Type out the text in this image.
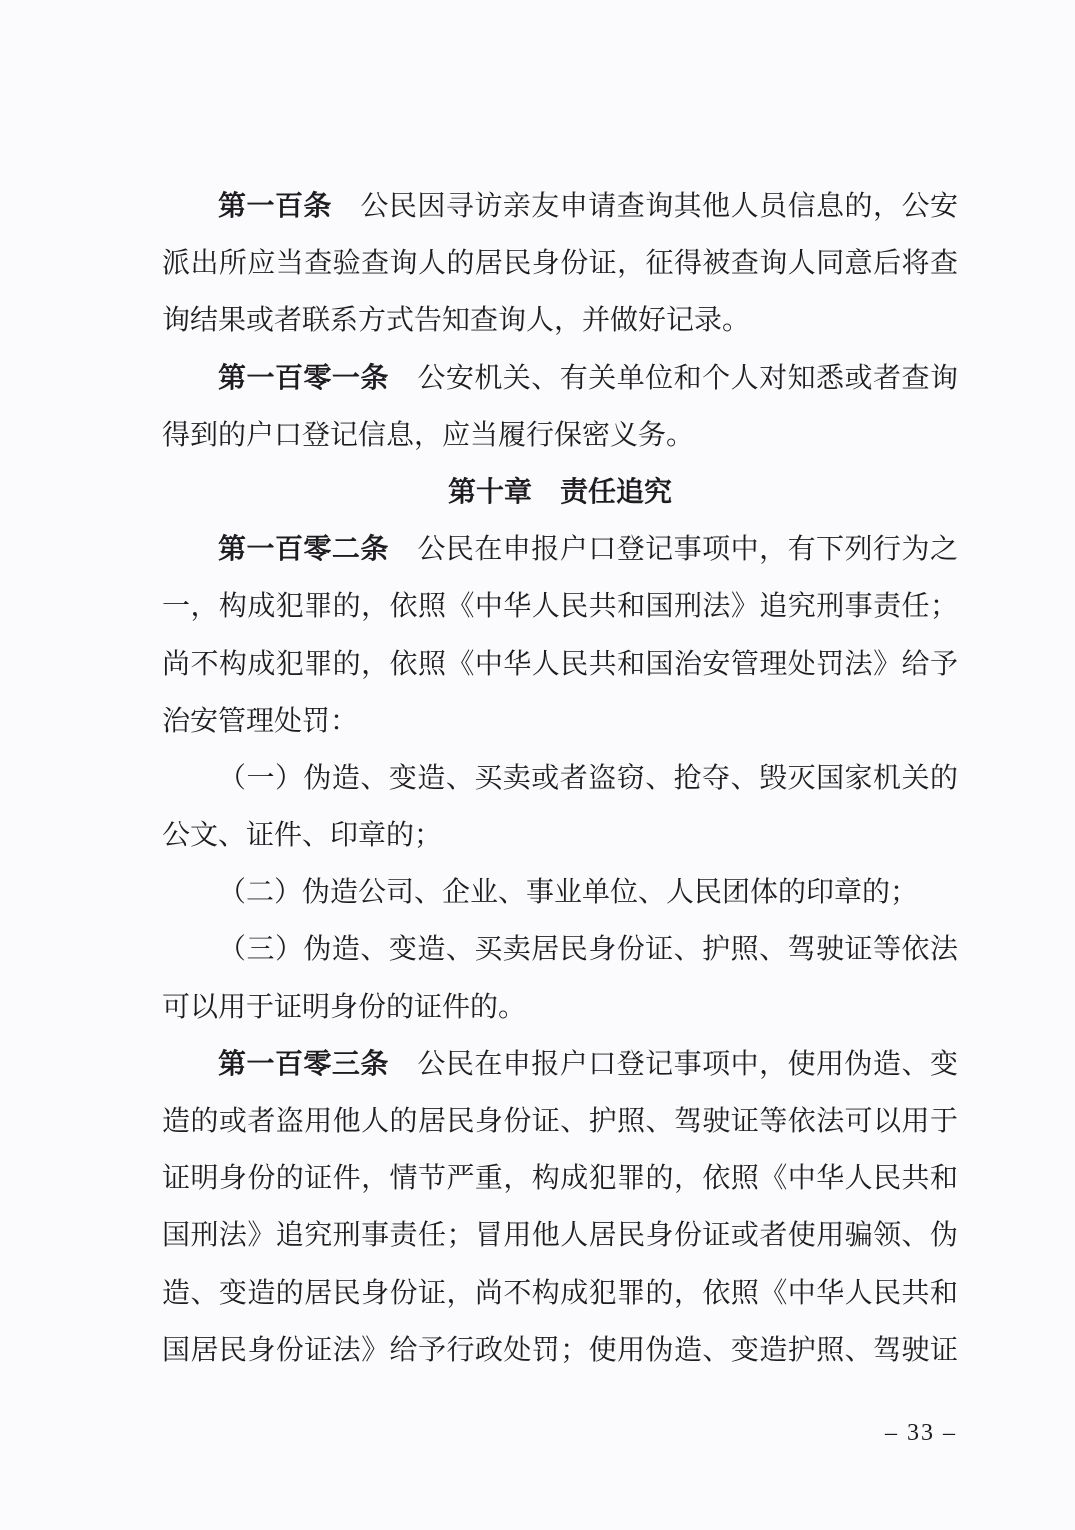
第一百条　 公民因寻访亲友申请查询其他人员信息的，公安
派出所应当查验查询人的居民身份证，征得被查询人同意后将查
询结果或者联系方式告知查询人，并做好记录。
第一百零一条　 公安机关、有关单位和个人对知悉或者查询
得到的户口登记信息，应当履行保密义务。
第十章 责任追究
第一百零二条　 公民在申报户口登记事项中，有下列行为之
一，构成犯罪的，依照《中华人民共和国刑法》追究刑事责任；
尚不构成犯罪的，依照《中华人民共和国治安管理处罚法》给予
治安管理处罚：
（一）伪造、变造、买卖或者盗窃、抢夺、毁灭国家机关的
公文、证件、印章的；
（二）伪造公司、企业、事业单位、人民团体的印章的；
（三）伪造、变造、买卖居民身份证、护照、驾驶证等依法
可以用于证明身份的证件的。
第一百零三条　 公民在申报户口登记事项中，使用伪造、变
造的或者盗用他人的居民身份证、护照、驾驶证等依法可以用于
证明身份的证件，情节严重，构成犯罪的，依照《中华人民共和
国刑法》追究刑事责任；冒用他人居民身份证或者使用骗领、伪
造、变造的居民身份证，尚不构成犯罪的，依照《中华人民共和
国居民身份证法》给予行政处罚；使用伪造、变造护照、驾驶证
– 33 –
